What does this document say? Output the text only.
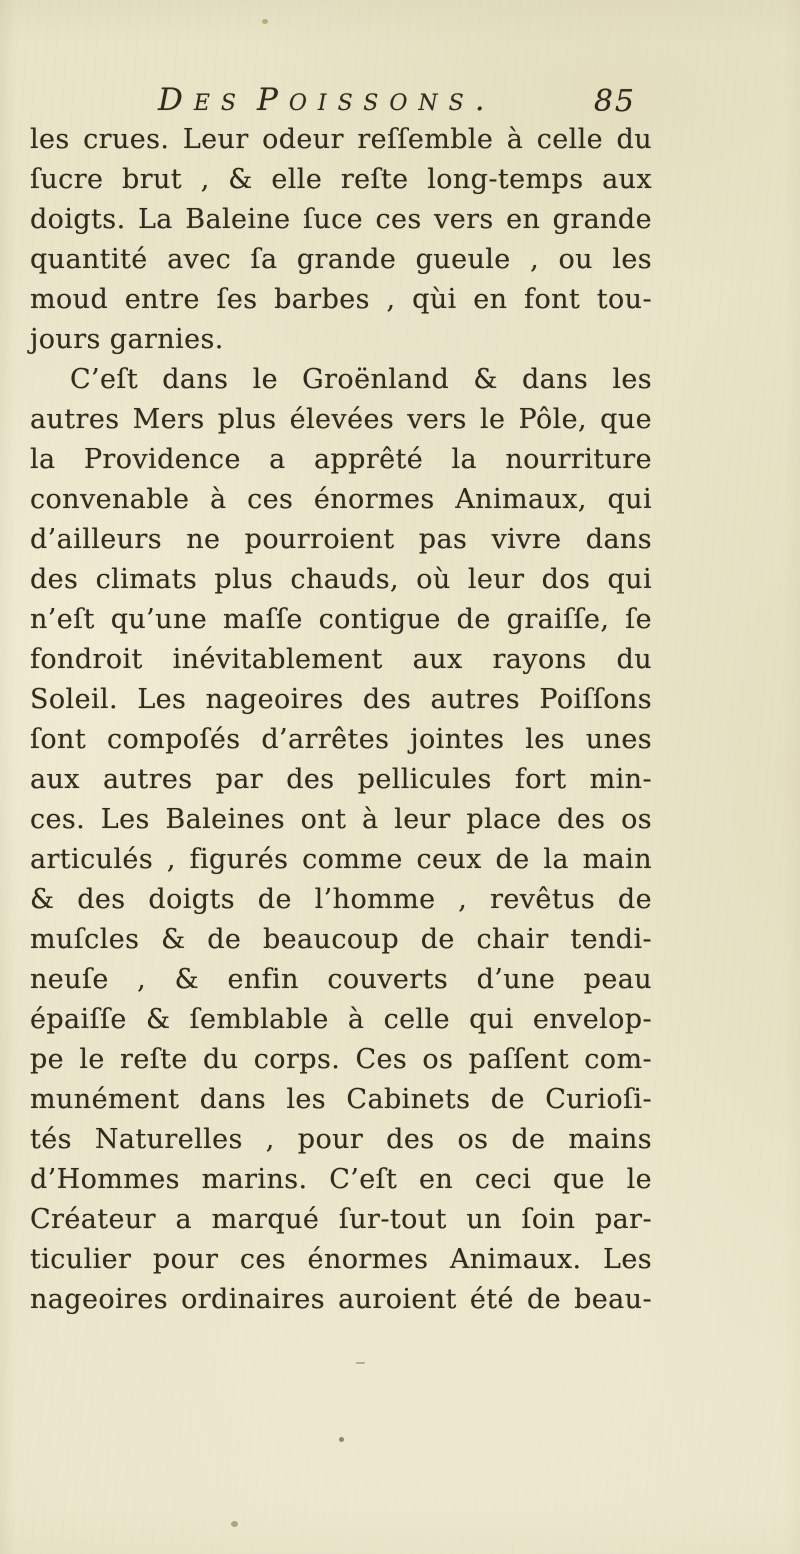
Des Poissons.	85
les crues. Leur odeur reſſemble à celle du
ſucre brut , & elle reſte long-temps aux
doigts. La Baleine ſuce ces vers en grande
quantité avec ſa grande gueule , ou les
moud entre ſes barbes , qùi en font tou-
jours garnies.
C’eſt dans le Groënland & dans les
autres Mers plus élevées vers le Pôle, que
la Providence a apprêté la nourriture
convenable à ces énormes Animaux, qui
d’ailleurs ne pourroient pas vivre dans
des climats plus chauds, où leur dos qui
n’eſt qu’une maſſe contigue de graiſſe, ſe
fondroit inévitablement aux rayons du
Soleil. Les nageoires des autres Poiſſons
ſont compoſés d’arrêtes jointes les unes
aux autres par des pellicules fort min-
ces. Les Baleines ont à leur place des os
articulés , figurés comme ceux de la main
& des doigts de l’homme , revêtus de
muſcles & de beaucoup de chair tendi-
neuſe , & enfin couverts d’une peau
épaiſſe & ſemblable à celle qui envelop-
pe le reſte du corps. Ces os paſſent com-
munément dans les Cabinets de Curioſi-
tés Naturelles , pour des os de mains
d’Hommes marins. C’eſt en ceci que le
Créateur a marqué ſur-tout un ſoin par-
ticulier pour ces énormes Animaux. Les
nageoires ordinaires auroient été de beau-
